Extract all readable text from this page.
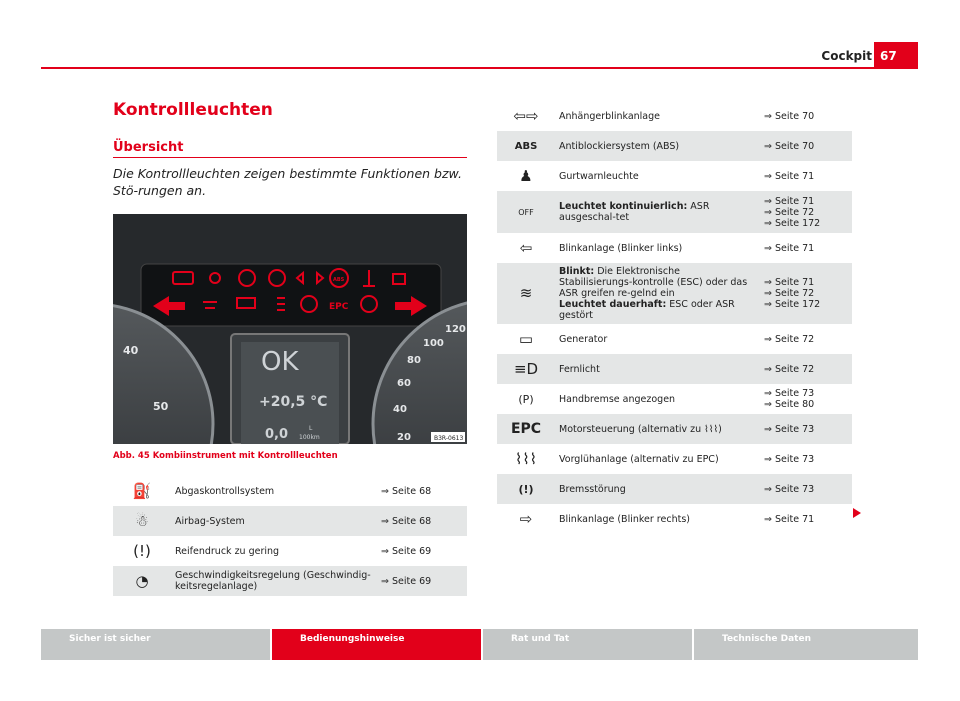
Cockpit 67
Kontrollleuchten
Übersicht
Die Kontrollleuchten zeigen bestimmte Funktionen bzw. Stö-rungen an.
EPC
ABS
OK
+20,5 °C
0,0	L
100km
40
50
120
100
80
60
40
20	B3R-0613
Abb. 45 Kombiinstrument mit Kontrollleuchten
⛽	Abgaskontrollsystem	⇒ Seite 68
☃	Airbag-System	⇒ Seite 68
(!)	Reifendruck zu gering	⇒ Seite 69
◔	Geschwindigkeitsregelung (Geschwindig-keitsregelanlage)	⇒ Seite 69
⇦⇨	Anhängerblinkanlage	⇒ Seite 70
ABS	Antiblockiersystem (ABS)	⇒ Seite 70
♟	Gurtwarnleuchte	⇒ Seite 71
OFF	Leuchtet kontinuierlich: ASR ausgeschal-tet	⇒ Seite 71
⇒ Seite 72
⇒ Seite 172
⇦	Blinkanlage (Blinker links)	⇒ Seite 71
≋	Blinkt: Die Elektronische Stabilisierungs-kontrolle (ESC) oder das ASR greifen re-gelnd ein
Leuchtet dauerhaft: ESC oder ASR gestört	⇒ Seite 71
⇒ Seite 72
⇒ Seite 172
▭	Generator	⇒ Seite 72
≡D	Fernlicht	⇒ Seite 72
(P)	Handbremse angezogen	⇒ Seite 73
⇒ Seite 80
EPC	Motorsteuerung (alternativ zu ⌇⌇⌇)	⇒ Seite 73
⌇⌇⌇	Vorglühanlage (alternativ zu EPC)	⇒ Seite 73
(!)	Bremsstörung	⇒ Seite 73
⇨	Blinkanlage (Blinker rechts)	⇒ Seite 71
Sicher ist sicher	Bedienungshinweise	Rat und Tat	Technische Daten
